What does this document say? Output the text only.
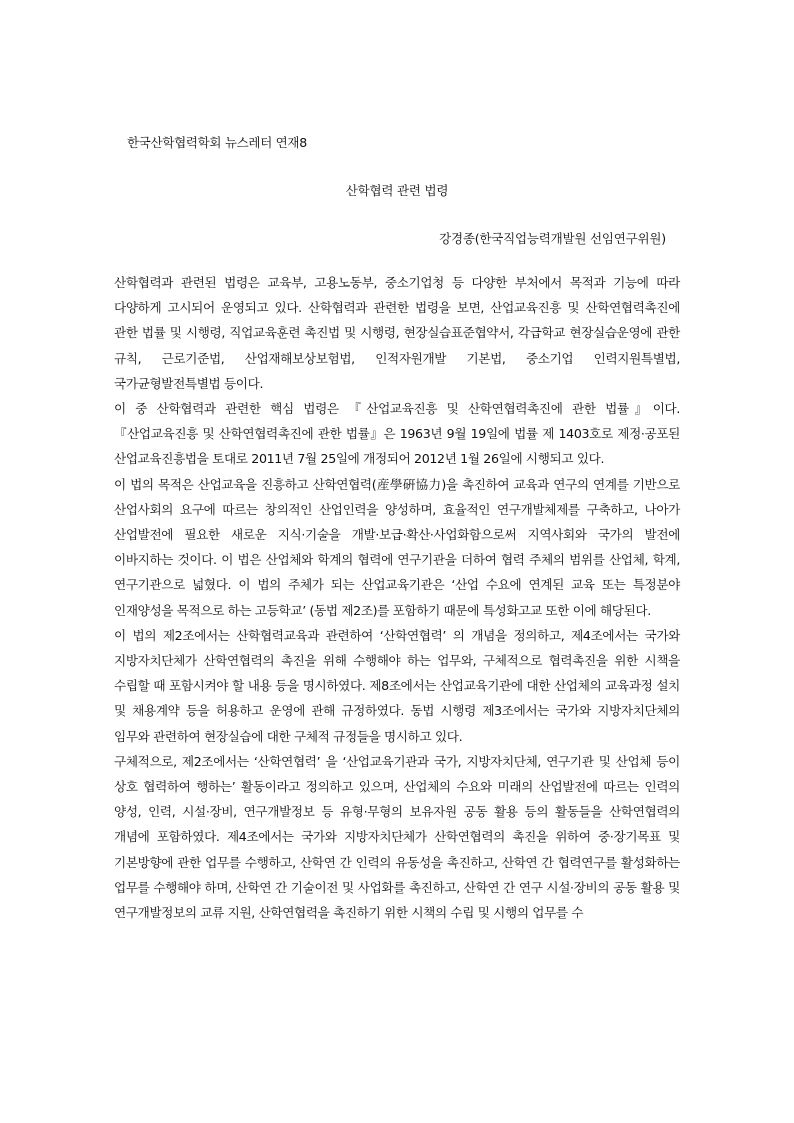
한국산학협력학회 뉴스레터 연재8
산학협력 관련 법령
강경종(한국직업능력개발원 선임연구위원)

산학협력과 관련된 법령은 교육부, 고용노동부, 중소기업청 등 다양한 부처에서 목적과 기능에 따라 다양하게 고시되어 운영되고 있다. 산학협력과 관련한 법령을 보면, 산업교육진흥 및 산학연협력촉진에 관한 법률 및 시행령, 직업교육훈련 촉진법 및 시행령, 현장실습표준협약서, 각급학교 현장실습운영에 관한 규칙, 근로기준법, 산업재해보상보험법, 인적자원개발 기본법, 중소기업 인력지원특별법, 국가균형발전특별법 등이다.

이 중 산학협력과 관련한 핵심 법령은 『산업교육진흥 및 산학연협력촉진에 관한 법률』이다. 『산업교육진흥 및 산학연협력촉진에 관한 법률』은 1963년 9월 19일에 법률 제 1403호로 제정·공포된 산업교육진흥법을 토대로 2011년 7월 25일에 개정되어 2012년 1월 26일에 시행되고 있다.

이 법의 목적은 산업교육을 진흥하고 산학연협력(産學硏協力)을 촉진하여 교육과 연구의 연계를 기반으로 산업사회의 요구에 따르는 창의적인 산업인력을 양성하며, 효율적인 연구개발체제를 구축하고, 나아가 산업발전에 필요한 새로운 지식·기술을 개발·보급·확산·사업화함으로써 지역사회와 국가의 발전에 이바지하는 것이다. 이 법은 산업체와 학계의 협력에 연구기관을 더하여 협력 주체의 범위를 산업체, 학계, 연구기관으로 넓혔다. 이 법의 주체가 되는 산업교육기관은 ‘산업 수요에 연계된 교육 또는 특정분야 인재양성을 목적으로 하는 고등학교’ (동법 제2조)를 포함하기 때문에 특성화고교 또한 이에 해당된다.

이 법의 제2조에서는 산학협력교육과 관련하여 ‘산학연협력’ 의 개념을 정의하고, 제4조에서는 국가와 지방자치단체가 산학연협력의 촉진을 위해 수행해야 하는 업무와, 구체적으로 협력촉진을 위한 시책을 수립할 때 포함시켜야 할 내용 등을 명시하였다. 제8조에서는 산업교육기관에 대한 산업체의 교육과정 설치 및 채용계약 등을 허용하고 운영에 관해 규정하였다. 동법 시행령 제3조에서는 국가와 지방자치단체의 임무와 관련하여 현장실습에 대한 구체적 규정들을 명시하고 있다.

구체적으로, 제2조에서는 ‘산학연협력’ 을 ‘산업교육기관과 국가, 지방자치단체, 연구기관 및 산업체 등이 상호 협력하여 행하는’ 활동이라고 정의하고 있으며, 산업체의 수요와 미래의 산업발전에 따르는 인력의 양성, 인력, 시설·장비, 연구개발정보 등 유형·무형의 보유자원 공동 활용 등의 활동들을 산학연협력의 개념에 포함하였다. 제4조에서는 국가와 지방자치단체가 산학연협력의 촉진을 위하여 중·장기목표 및 기본방향에 관한 업무를 수행하고, 산학연 간 인력의 유동성을 촉진하고, 산학연 간 협력연구를 활성화하는 업무를 수행해야 하며, 산학연 간 기술이전 및 사업화를 촉진하고, 산학연 간 연구 시설·장비의 공동 활용 및 연구개발정보의 교류 지원, 산학연협력을 촉진하기 위한 시책의 수립 및 시행의 업무를 수
